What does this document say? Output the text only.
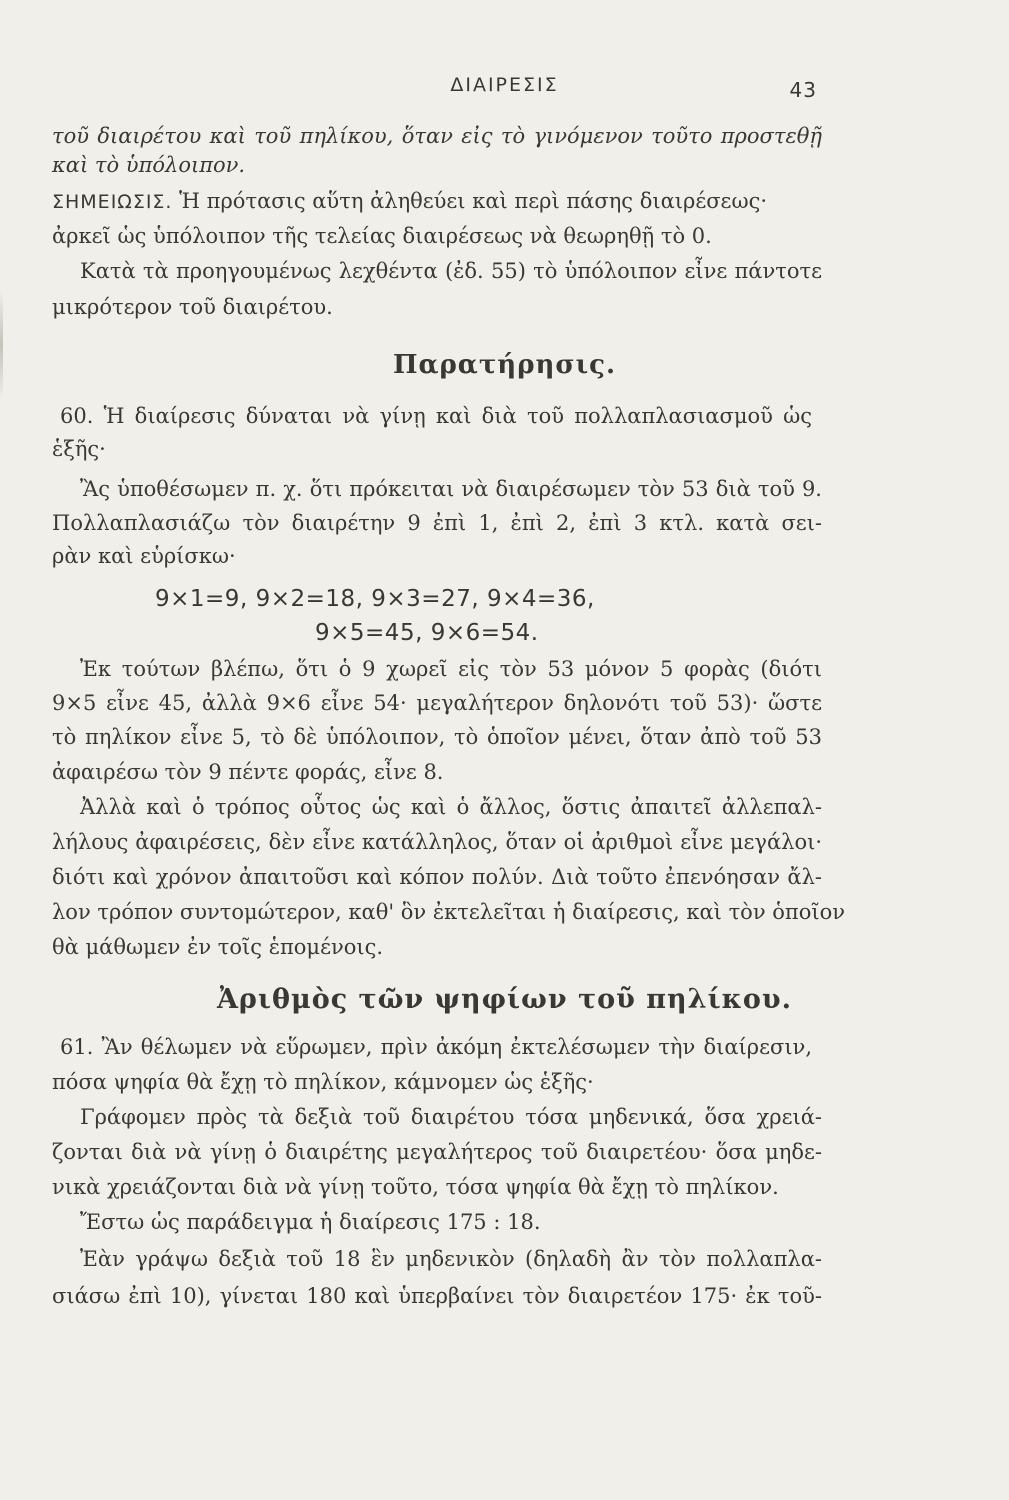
ΔΙΑΙΡΕΣΙΣ	43
τοῦ διαιρέτου καὶ τοῦ πηλίκου, ὅταν εἰς τὸ γινόμενον τοῦτο προστεθῇ
καὶ τὸ ὑπόλοιπον.
ΣΗΜΕΙΩΣΙΣ. Ἡ πρότασις αὕτη ἀληθεύει καὶ περὶ πάσης διαιρέσεως·
ἀρκεῖ ὡς ὑπόλοιπον τῆς τελείας διαιρέσεως νὰ θεωρηθῇ τὸ 0.
Κατὰ τὰ προηγουμένως λεχθέντα (ἐδ. 55) τὸ ὑπόλοιπον εἶνε πάντοτε
μικρότερον τοῦ διαιρέτου.
Παρατήρησις.
60. Ἡ διαίρεσις δύναται νὰ γίνῃ καὶ διὰ τοῦ πολλαπλασιασμοῦ ὡς
ἑξῆς·
Ἂς ὑποθέσωμεν π. χ. ὅτι πρόκειται νὰ διαιρέσωμεν τὸν 53 διὰ τοῦ 9.
Πολλαπλασιάζω τὸν διαιρέτην 9 ἐπὶ 1, ἐπὶ 2, ἐπὶ 3 κτλ. κατὰ σει-
ρὰν καὶ εὑρίσκω·
9×1=9, 9×2=18, 9×3=27, 9×4=36,
9×5=45, 9×6=54.
Ἐκ τούτων βλέπω, ὅτι ὁ 9 χωρεῖ εἰς τὸν 53 μόνον 5 φορὰς (διότι
9×5 εἶνε 45, ἀλλὰ 9×6 εἶνε 54· μεγαλήτερον δηλονότι τοῦ 53)· ὥστε
τὸ πηλίκον εἶνε 5, τὸ δὲ ὑπόλοιπον, τὸ ὁποῖον μένει, ὅταν ἀπὸ τοῦ 53
ἀφαιρέσω τὸν 9 πέντε φοράς, εἶνε 8.
Ἀλλὰ καὶ ὁ τρόπος οὗτος ὡς καὶ ὁ ἄλλος, ὅστις ἀπαιτεῖ ἀλλεπαλ-
λήλους ἀφαιρέσεις, δὲν εἶνε κατάλληλος, ὅταν οἱ ἀριθμοὶ εἶνε μεγάλοι·
διότι καὶ χρόνον ἀπαιτοῦσι καὶ κόπον πολύν. Διὰ τοῦτο ἐπενόησαν ἄλ-
λον τρόπον συντομώτερον, καθ' ὃν ἐκτελεῖται ἡ διαίρεσις, καὶ τὸν ὁποῖον
θὰ μάθωμεν ἐν τοῖς ἑπομένοις.
Ἀριθμὸς τῶν ψηφίων τοῦ πηλίκου.
61. Ἂν θέλωμεν νὰ εὕρωμεν, πρὶν ἀκόμη ἐκτελέσωμεν τὴν διαίρεσιν,
πόσα ψηφία θὰ ἔχῃ τὸ πηλίκον, κάμνομεν ὡς ἑξῆς·
Γράφομεν πρὸς τὰ δεξιὰ τοῦ διαιρέτου τόσα μηδενικά, ὅσα χρειά-
ζονται διὰ νὰ γίνῃ ὁ διαιρέτης μεγαλήτερος τοῦ διαιρετέου· ὅσα μηδε-
νικὰ χρειάζονται διὰ νὰ γίνῃ τοῦτο, τόσα ψηφία θὰ ἔχῃ τὸ πηλίκον.
Ἔστω ὡς παράδειγμα ἡ διαίρεσις 175 : 18.
Ἐὰν γράψω δεξιὰ τοῦ 18 ἓν μηδενικὸν (δηλαδὴ ἂν τὸν πολλαπλα-
σιάσω ἐπὶ 10), γίνεται 180 καὶ ὑπερβαίνει τὸν διαιρετέον 175· ἐκ τοῦ-
